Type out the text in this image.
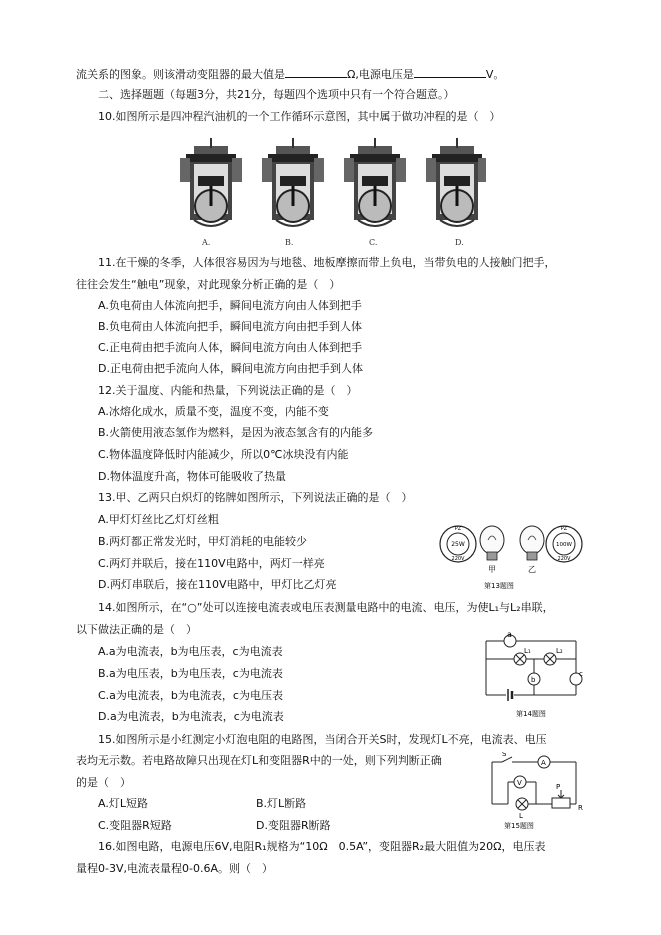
流关系的图象。则该滑动变阻器的最大值是	Ω,电源电压是	V。
二、选择题题（每题3分，共21分，每题四个选项中只有一个符合题意。）
10.如图所示是四冲程汽油机的一个工作循环示意图，其中属于做功冲程的是（　）
A.	B.	C.	D.
11.在干燥的冬季，人体很容易因为与地毯、地板摩擦而带上负电，当带负电的人接触门把手，
往往会发生“触电”现象，对此现象分析正确的是（　）
A.负电荷由人体流向把手，瞬间电流方向由人体到把手
B.负电荷由人体流向把手，瞬间电流方向由把手到人体
C.正电荷由把手流向人体，瞬间电流方向由人体到把手
D.正电荷由把手流向人体，瞬间电流方向由把手到人体
12.关于温度、内能和热量，下列说法正确的是（　）
A.冰熔化成水，质量不变，温度不变，内能不变
B.火箭使用液态氢作为燃料，是因为液态氢含有的内能多
C.物体温度降低时内能减少，所以0℃冰块没有内能
D.物体温度升高，物体可能吸收了热量
13.甲、乙两只白炽灯的铭牌如图所示，下列说法正确的是（　）
A.甲灯灯丝比乙灯灯丝粗
B.两灯都正常发光时，甲灯消耗的电能较少
C.两灯并联后，接在110V电路中，两灯一样亮
D.两灯串联后，接在110V电路中，甲灯比乙灯亮
PZ
25W
220V
PZ
100W
220V
甲	乙
第13题图
14.如图所示，在“○”处可以连接电流表或电压表测量电路中的电流、电压，为使L₁与L₂串联，
以下做法正确的是（　）
A.a为电流表，b为电压表，c为电流表
B.a为电压表，b为电压表，c为电流表
C.a为电流表，b为电流表，c为电压表
D.a为电流表，b为电流表，c为电流表
a
L₁	L₂
b
c
第14题图
15.如图所示是小红测定小灯泡电阻的电路图，当闭合开关S时，发现灯L不亮，电流表、电压
表均无示数。若电路故障只出现在灯L和变阻器R中的一处，则下列判断正确
的是（　）
A.灯L短路	B.灯L断路
C.变阻器R短路	D.变阻器R断路
S
A
V
L
P
R
第15题图
16.如图电路，电源电压6V,电阻R₁规格为“10Ω　0.5A”，变阻器R₂最大阻值为20Ω，电压表
量程0-3V,电流表量程0-0.6A。则（　）
